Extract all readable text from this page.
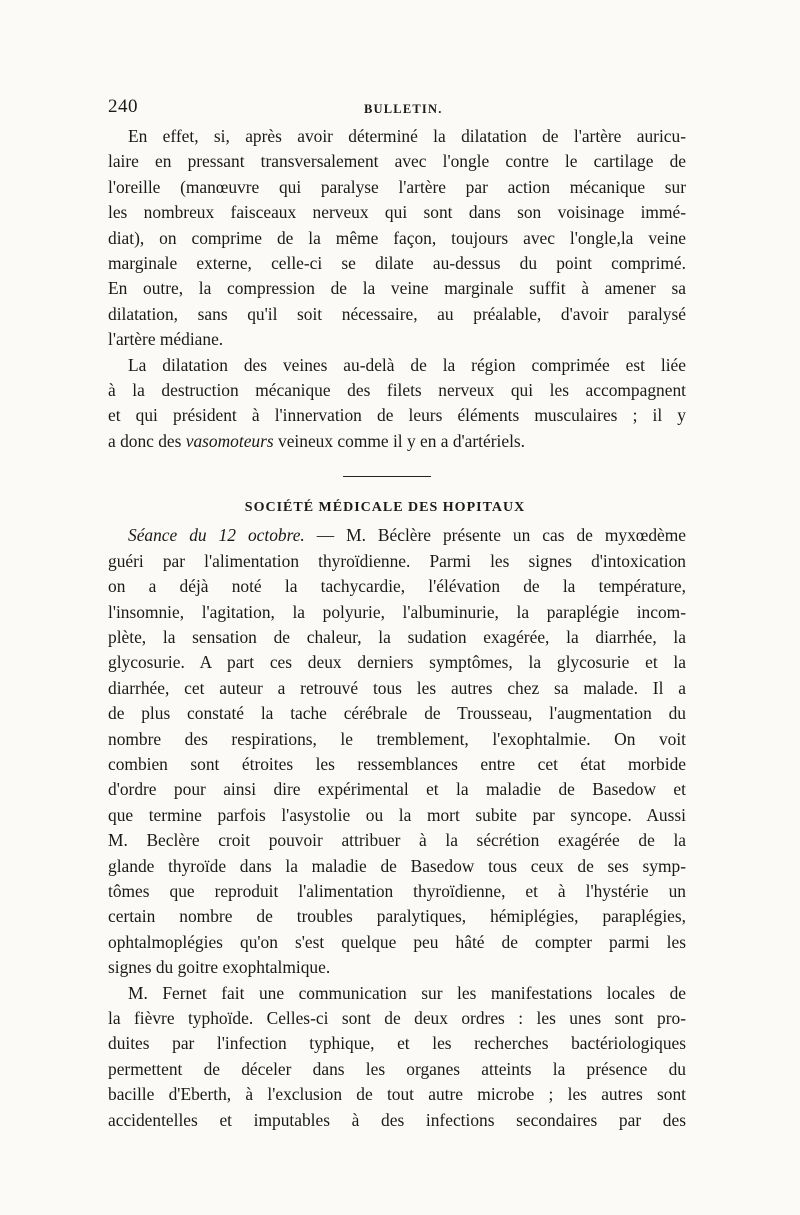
240	BULLETIN.
En effet, si, après avoir déterminé la dilatation de l'artère auricu-
laire en pressant transversalement avec l'ongle contre le cartilage de
l'oreille (manœuvre qui paralyse l'artère par action mécanique sur
les nombreux faisceaux nerveux qui sont dans son voisinage immé-
diat), on comprime de la même façon, toujours avec l'ongle,la veine
marginale externe, celle-ci se dilate au-dessus du point comprimé.
En outre, la compression de la veine marginale suffit à amener sa
dilatation, sans qu'il soit nécessaire, au préalable, d'avoir paralysé
l'artère médiane.
La dilatation des veines au-delà de la région comprimée est liée
à la destruction mécanique des filets nerveux qui les accompagnent
et qui président à l'innervation de leurs éléments musculaires ; il y
a donc des vasomoteurs veineux comme il y en a d'artériels.
SOCIÉTÉ MÉDICALE DES HOPITAUX
Séance du 12 octobre. — M. Béclère présente un cas de myxœdème
guéri par l'alimentation thyroïdienne. Parmi les signes d'intoxication
on a déjà noté la tachycardie, l'élévation de la température,
l'insomnie, l'agitation, la polyurie, l'albuminurie, la paraplégie incom-
plète, la sensation de chaleur, la sudation exagérée, la diarrhée, la
glycosurie. A part ces deux derniers symptômes, la glycosurie et la
diarrhée, cet auteur a retrouvé tous les autres chez sa malade. Il a
de plus constaté la tache cérébrale de Trousseau, l'augmentation du
nombre des respirations, le tremblement, l'exophtalmie. On voit
combien sont étroites les ressemblances entre cet état morbide
d'ordre pour ainsi dire expérimental et la maladie de Basedow et
que termine parfois l'asystolie ou la mort subite par syncope. Aussi
M. Beclère croit pouvoir attribuer à la sécrétion exagérée de la
glande thyroïde dans la maladie de Basedow tous ceux de ses symp-
tômes que reproduit l'alimentation thyroïdienne, et à l'hystérie un
certain nombre de troubles paralytiques, hémiplégies, paraplégies,
ophtalmoplégies qu'on s'est quelque peu hâté de compter parmi les
signes du goitre exophtalmique.
M. Fernet fait une communication sur les manifestations locales de
la fièvre typhoïde. Celles-ci sont de deux ordres : les unes sont pro-
duites par l'infection typhique, et les recherches bactériologiques
permettent de déceler dans les organes atteints la présence du
bacille d'Eberth, à l'exclusion de tout autre microbe ; les autres sont
accidentelles et imputables à des infections secondaires par des
